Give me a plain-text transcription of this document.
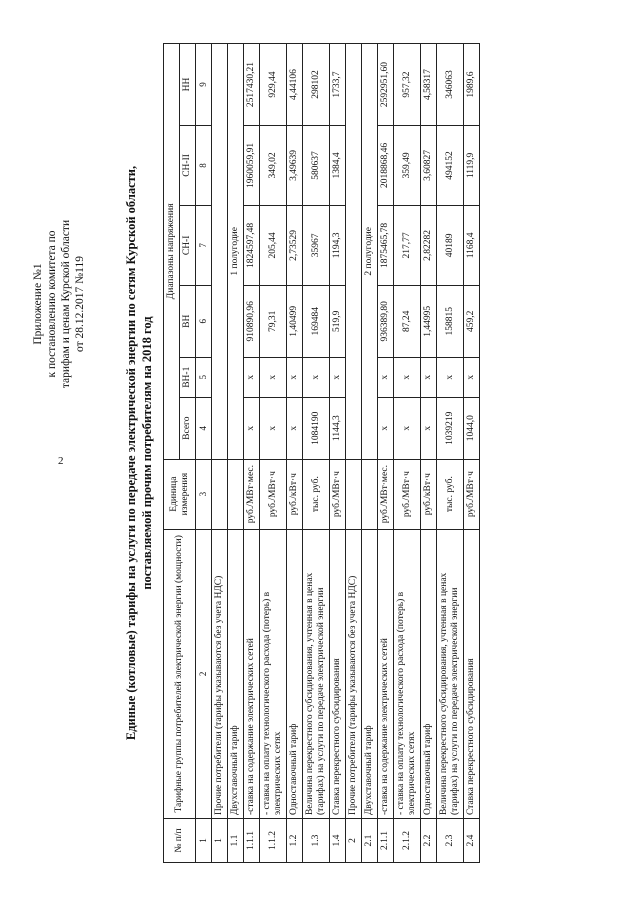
2
Приложение №1 к постановлению комитета по тарифам и ценам Курской области от 28.12.2017 №119	Единые (котловые) тарифы на услуги по передаче электрической энергии по сетям Курской области, поставляемой прочим потребителям на 2018 год
№ п/п	Тарифные группы потребителей электрической энергии (мощности)	Единица измерения	Диапазоны напряжения					
			Всего	ВН-1	ВН	СН-I	СН-II	НН
1	2	3	4	5	6	7	8	9
1	Прочие потребители (тарифы указываются без учета НДС)							
1.1	Двухставочный тариф		1 полугодие					
1.1.1	-ставка на содержание электрических сетей	руб./МВт·мес.	х	х	910890,96	1824597,48	1960059,91	2517430,21
1.1.2	- ставка на оплату технологического расхода (потерь) в электрических сетях	руб./МВт·ч	х	х	79,31	205,44	349,02	929,44
1.2	Одноставочный тариф	руб./кВт·ч	х	х	1,40499	2,73529	3,49639	4,44106
1.3	Величина перекрестного субсидирования, учтенная в ценах (тарифах) на услуги по передаче электрической энергии	тыс. руб.	1084190	х	169484	35967	580637	298102
1.4	Ставка перекрестного субсидирования	руб./МВт·ч	1144,3	х	519,9	1194,3	1384,4	1733,7
2	Прочие потребители (тарифы указываются без учета НДС)							
2.1	Двухставочный тариф		2 полугодие					
2.1.1	-ставка на содержание электрических сетей	руб./МВт·мес.	х	х	936389,80	1875465,78	2018868,46	2592951,60
2.1.2	- ставка на оплату технологического расхода (потерь) в электрических сетях	руб./МВт·ч	х	х	87,24	217,77	359,49	957,32
2.2	Одноставочный тариф	руб./кВт·ч	х	х	1,44995	2,82282	3,60827	4,58317
2.3	Величина перекрестного субсидирования, учтенная в ценах (тарифах) на услуги по передаче электрической энергии	тыс. руб.	1039219	х	158815	40189	494152	346063
2.4	Ставка перекрестного субсидирования	руб./МВт·ч	1044,0	х	459,2	1168,4	1119,9	1989,6
